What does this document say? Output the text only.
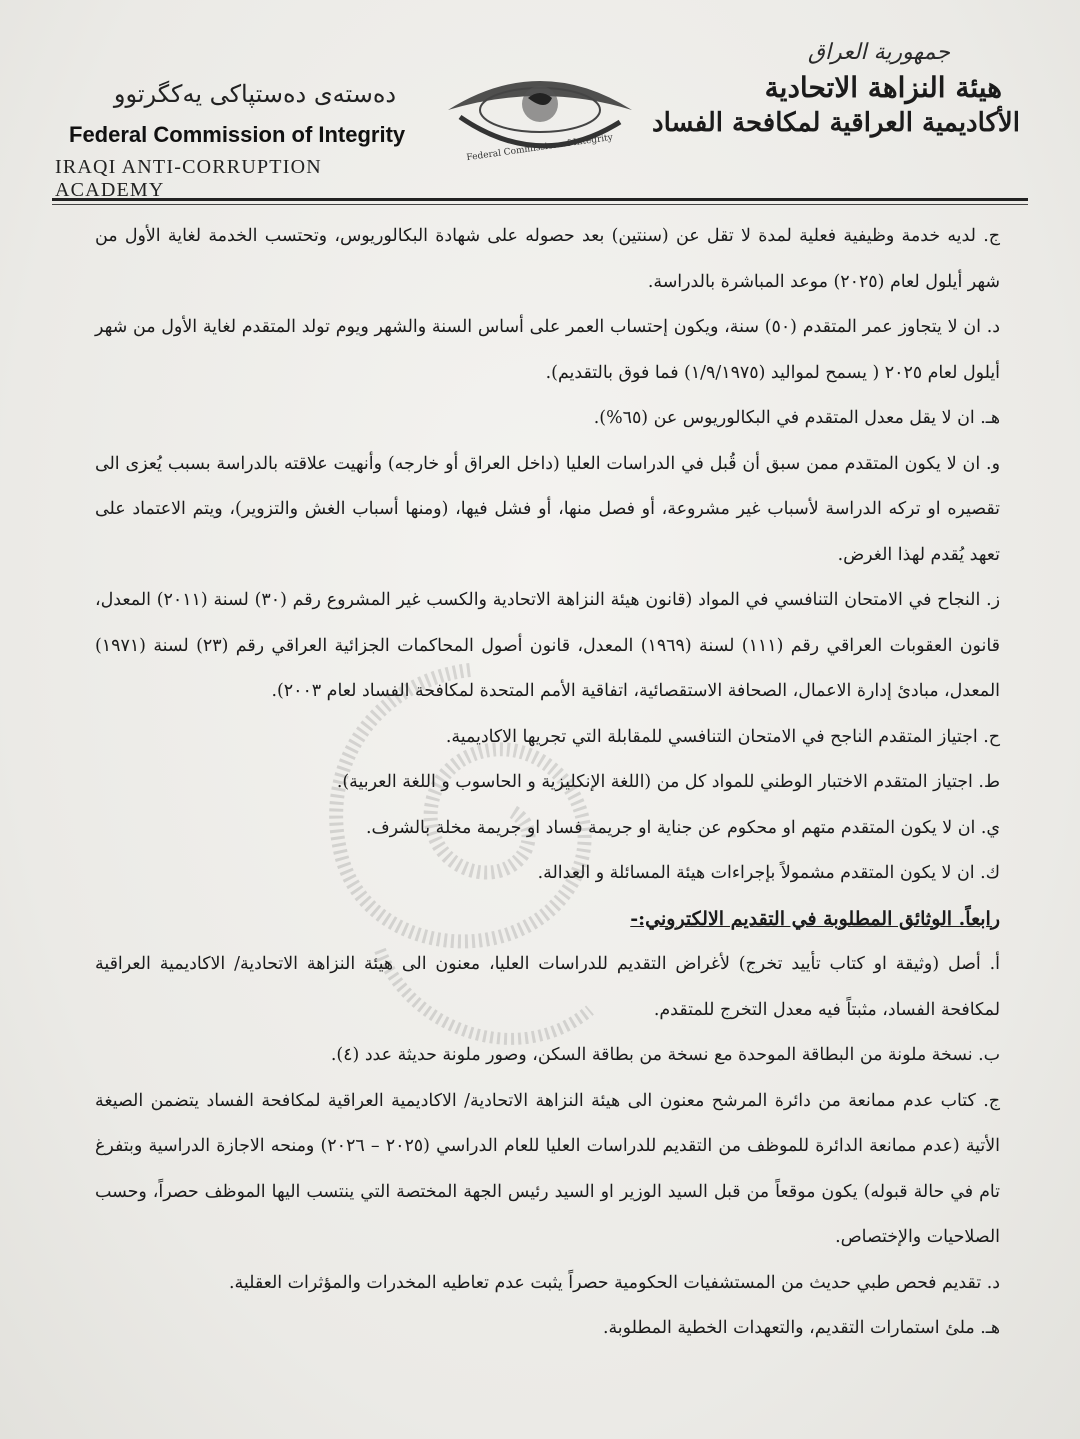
دەستەی دەستپاکی یەکگرتوو
Federal Commission of Integrity
IRAQI ANTI-CORRUPTION ACADEMY
Federal Commission of Integrity
جمهورية العراق
هيئة النزاهة الاتحادية
الأكاديمية العراقية لمكافحة الفساد

ج. لديه خدمة وظيفية فعلية لمدة لا تقل عن (سنتين) بعد حصوله على شهادة البكالوريوس، وتحتسب الخدمة لغاية الأول من شهر أيلول لعام (٢٠٢٥) موعد المباشرة بالدراسة.

د. ان لا يتجاوز عمر المتقدم (٥٠) سنة، ويكون إحتساب العمر على أساس السنة والشهر ويوم تولد المتقدم لغاية الأول من شهر أيلول لعام ٢٠٢٥ ( يسمح لمواليد (١/٩/١٩٧٥) فما فوق بالتقديم).

هـ. ان لا يقل معدل المتقدم في البكالوريوس عن (٦٥%).

و. ان لا يكون المتقدم ممن سبق أن قُبل في الدراسات العليا (داخل العراق أو خارجه) وأنهيت علاقته بالدراسة بسبب يُعزى الى تقصيره او تركه الدراسة لأسباب غير مشروعة، أو فصل منها، أو فشل فيها، (ومنها أسباب الغش والتزوير)، ويتم الاعتماد على تعهد يُقدم لهذا الغرض.

ز. النجاح في الامتحان التنافسي في المواد (قانون هيئة النزاهة الاتحادية والكسب غير المشروع رقم (٣٠) لسنة (٢٠١١) المعدل، قانون العقوبات العراقي رقم (١١١) لسنة (١٩٦٩) المعدل، قانون أصول المحاكمات الجزائية العراقي رقم (٢٣) لسنة (١٩٧١) المعدل، مبادئ إدارة الاعمال، الصحافة الاستقصائية، اتفاقية الأمم المتحدة لمكافحة الفساد لعام ٢٠٠٣).

ح. اجتياز المتقدم الناجح في الامتحان التنافسي للمقابلة التي تجريها الاكاديمية.

ط. اجتياز المتقدم الاختبار الوطني للمواد كل من (اللغة الإنكليزية و الحاسوب و اللغة العربية).

ي. ان لا يكون المتقدم متهم او محكوم عن جناية او جريمة فساد او جريمة مخلة بالشرف.

ك. ان لا يكون المتقدم مشمولاً بإجراءات هيئة المسائلة و العدالة.

رابعاً. الوثائق المطلوبة في التقديم الالكتروني:-

أ. أصل (وثيقة او كتاب تأييد تخرج) لأغراض التقديم للدراسات العليا، معنون الى هيئة النزاهة الاتحادية/ الاكاديمية العراقية لمكافحة الفساد، مثبتاً فيه معدل التخرج للمتقدم.

ب. نسخة ملونة من البطاقة الموحدة مع نسخة من بطاقة السكن، وصور ملونة حديثة عدد (٤).

ج. كتاب عدم ممانعة من دائرة المرشح معنون الى هيئة النزاهة الاتحادية/ الاكاديمية العراقية لمكافحة الفساد يتضمن الصيغة الأتية (عدم ممانعة الدائرة للموظف من التقديم للدراسات العليا للعام الدراسي (٢٠٢٥ – ٢٠٢٦) ومنحه الاجازة الدراسية وبتفرغ تام في حالة قبوله) يكون موقعاً من قبل السيد الوزير او السيد رئيس الجهة المختصة التي ينتسب اليها الموظف حصراً، وحسب الصلاحيات والإختصاص.

د. تقديم فحص طبي حديث من المستشفيات الحكومية حصراً يثبت عدم تعاطيه المخدرات والمؤثرات العقلية.

هـ. ملئ استمارات التقديم، والتعهدات الخطية المطلوبة.
